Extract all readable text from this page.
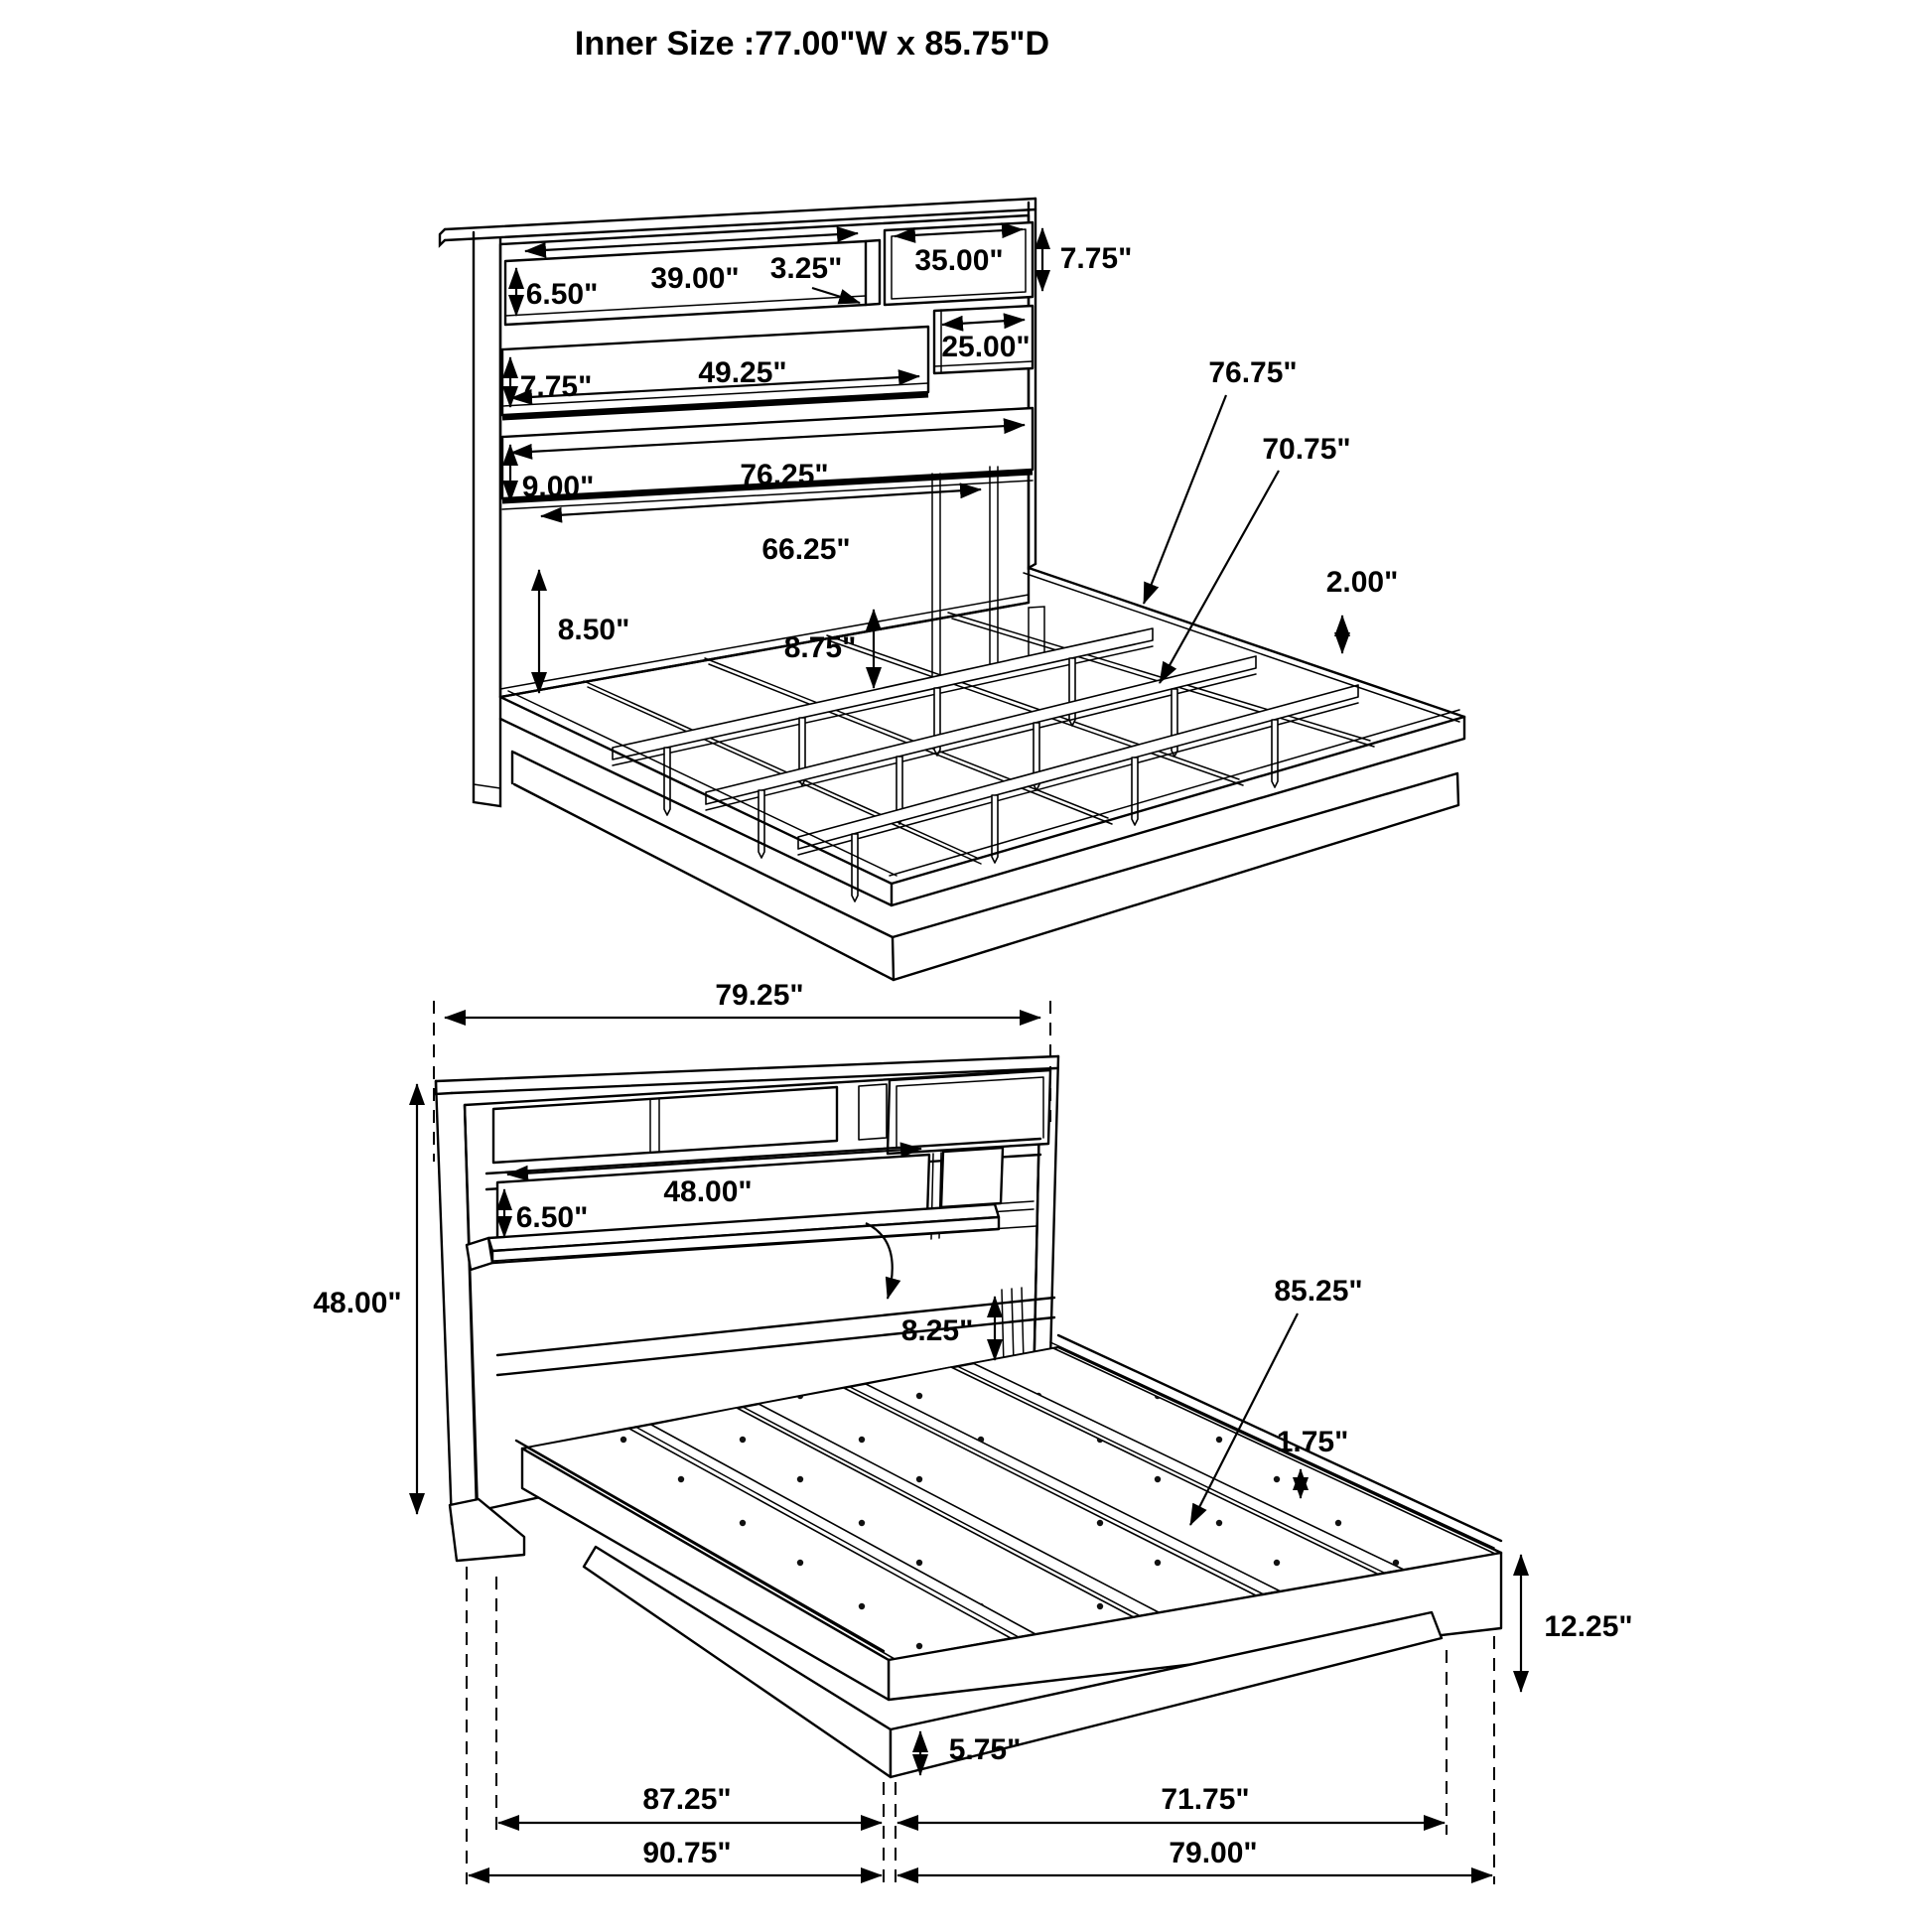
Inner Size :77.00"W x 85.75"D
6.50" 39.00" 3.25" 35.00" 7.75"
25.00"
7.75"	49.25"
9.00"	76.25"
66.25"
8.50"
8.75"
76.75"
70.75"
2.00"
79.25"
48.00"
48.00"
6.50"
8.25"
85.25"
1.75"
12.25"
5.75"
87.25"	71.75"
90.75"	79.00"
